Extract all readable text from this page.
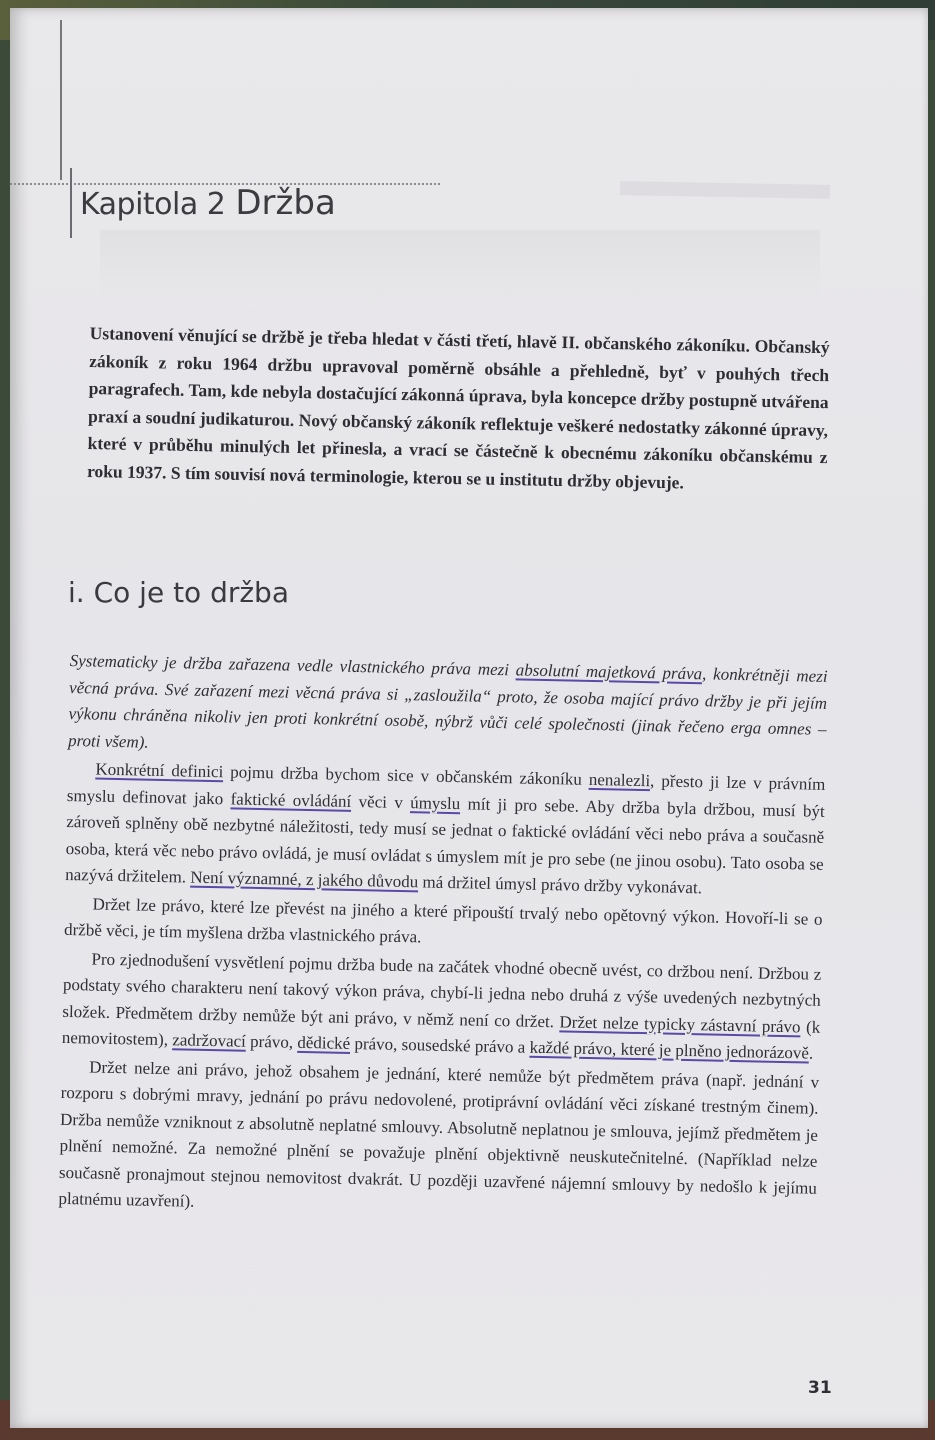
Kapitola 2 Držba
Ustanovení věnující se držbě je třeba hledat v části třetí, hlavě II. občanského zákoníku. Občanský zákoník z roku 1964 držbu upravoval poměrně obsáhle a přehledně, byť v pouhých třech paragrafech. Tam, kde nebyla dostačující zákonná úprava, byla koncepce držby postupně utvářena praxí a soudní judikaturou. Nový občanský zákoník reflektuje veškeré nedostatky zákonné úpravy, které v průběhu minulých let přinesla, a vrací se částečně k obecnému zákoníku občanskému z roku 1937. S tím souvisí nová terminologie, kterou se u institutu držby objevuje.
i. Co je to držba

Systematicky je držba zařazena vedle vlastnického práva mezi absolutní majetková práva, konkrétněji mezi věcná práva. Své zařazení mezi věcná práva si „zasloužila“ proto, že osoba mající právo držby je při jejím výkonu chráněna nikoliv jen proti konkrétní osobě, nýbrž vůči celé společnosti (jinak řečeno erga omnes – proti všem).

Konkrétní definici pojmu držba bychom sice v občanském zákoníku nenalezli, přesto ji lze v právním smyslu definovat jako faktické ovládání věci v úmyslu mít ji pro sebe. Aby držba byla držbou, musí být zároveň splněny obě nezbytné náležitosti, tedy musí se jednat o faktické ovládání věci nebo práva a současně osoba, která věc nebo právo ovládá, je musí ovládat s úmyslem mít je pro sebe (ne jinou osobu). Tato osoba se nazývá držitelem. Není významné, z jakého důvodu má držitel úmysl právo držby vykonávat.

Držet lze právo, které lze převést na jiného a které připouští trvalý nebo opětovný výkon. Hovoří-li se o držbě věci, je tím myšlena držba vlastnického práva.

Pro zjednodušení vysvětlení pojmu držba bude na začátek vhodné obecně uvést, co držbou není. Držbou z podstaty svého charakteru není takový výkon práva, chybí-li jedna nebo druhá z výše uvedených nezbytných složek. Předmětem držby nemůže být ani právo, v němž není co držet. Držet nelze typicky zástavní právo (k nemovitostem), zadržovací právo, dědické právo, sousedské právo a každé právo, které je plněno jednorázově.

Držet nelze ani právo, jehož obsahem je jednání, které nemůže být předmětem práva (např. jednání v rozporu s dobrými mravy, jednání po právu nedovolené, protiprávní ovládání věci získané trestným činem). Držba nemůže vzniknout z absolutně neplatné smlouvy. Absolutně neplatnou je smlouva, jejímž předmětem je plnění nemožné. Za nemožné plnění se považuje plnění objektivně neuskutečnitelné. (Například nelze současně pronajmout stejnou nemovitost dvakrát. U později uzavřené nájemní smlouvy by nedošlo k jejímu platnému uzavření).

31
